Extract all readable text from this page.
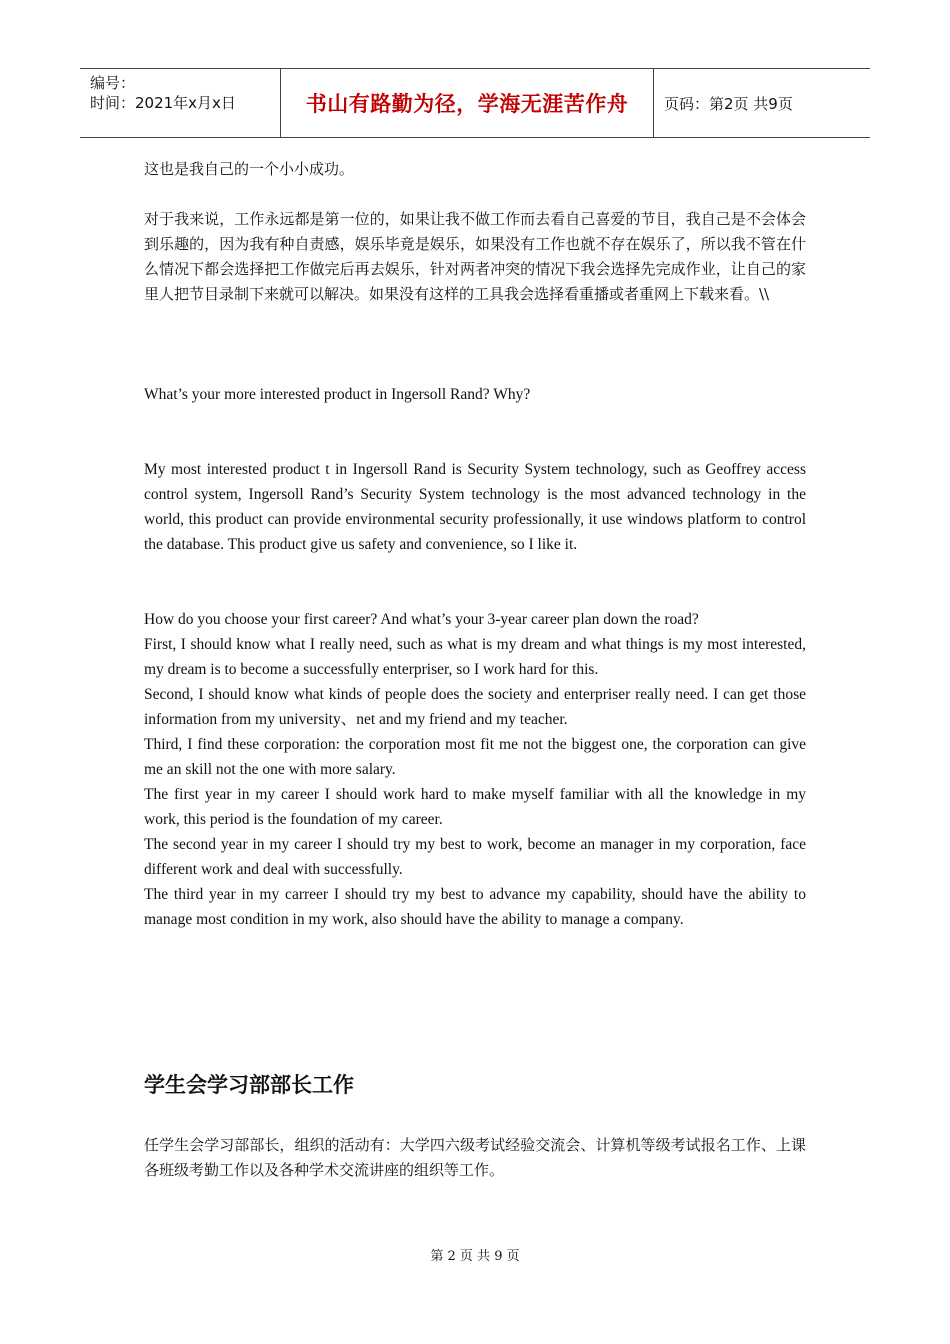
编号：
时间：2021年x月x日	书山有路勤为径，学海无涯苦作舟	页码：第2页 共9页

这也是我自己的一个小小成功。

对于我来说，工作永远都是第一位的，如果让我不做工作而去看自己喜爱的节目，我自己是不会体会到乐趣的，因为我有种自责感，娱乐毕竟是娱乐，如果没有工作也就不存在娱乐了，所以我不管在什么情况下都会选择把工作做完后再去娱乐，针对两者冲突的情况下我会选择先完成作业，让自己的家里人把节目录制下来就可以解决。如果没有这样的工具我会选择看重播或者重网上下载来看。\\

What’s your more interested product in Ingersoll Rand? Why?

My most interested product t in Ingersoll Rand is Security System technology, such as Geoffrey access control system, Ingersoll Rand’s Security System technology is the most advanced technology in the world, this product can provide environmental security professionally, it use windows platform to control the database. This product give us safety and convenience, so I like it.

How do you choose your first career? And what’s your 3-year career plan down the road?

First, I should know what I really need, such as what is my dream and what things is my most interested, my dream is to become a successfully enterpriser, so I work hard for this.

Second, I should know what kinds of people does the society and enterpriser really need. I can get those information from my university、net and my friend and my teacher.

Third, I find these corporation: the corporation most fit me not the biggest one, the corporation can give me an skill not the one with more salary.

The first year in my career I should work hard to make myself familiar with all the knowledge in my work, this period is the foundation of my career.

The second year in my career I should try my best to work, become an manager in my corporation, face different work and deal with successfully.

The third year in my carreer I should try my best to advance my capability, should have the ability to manage most condition in my work, also should have the ability to manage a company.

学生会学习部部长工作

任学生会学习部部长，组织的活动有：大学四六级考试经验交流会、计算机等级考试报名工作、上课各班级考勤工作以及各种学术交流讲座的组织等工作。

第 2 页 共 9 页
